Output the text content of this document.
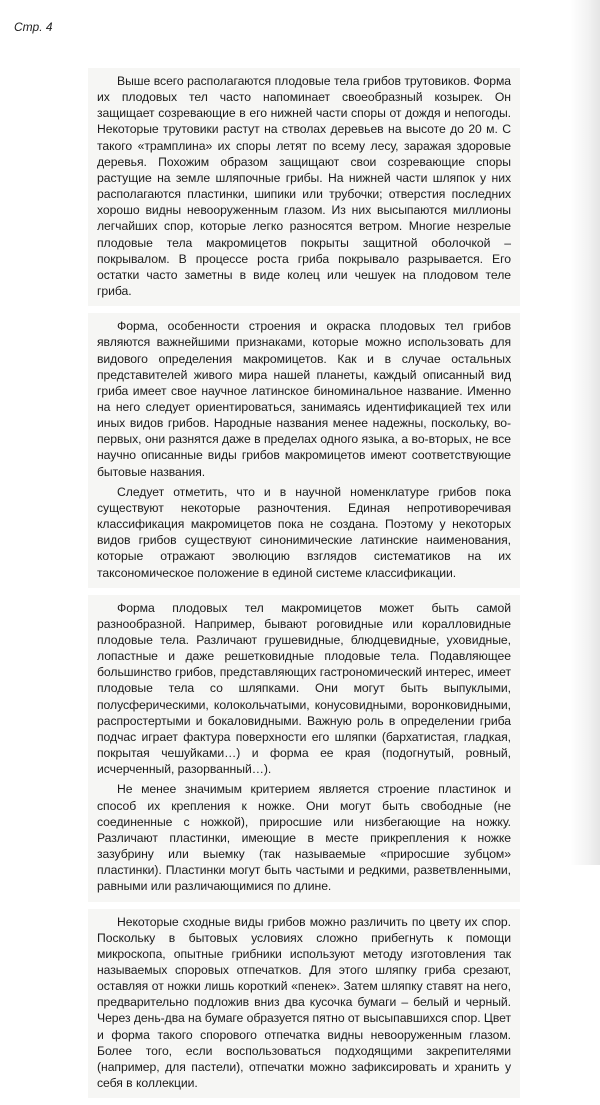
Стр. 4

Выше всего располагаются плодовые тела грибов трутовиков. Форма их плодовых тел часто напоминает своеобразный козырек. Он защищает созревающие в его нижней части споры от дождя и непогоды. Некоторые трутовики растут на стволах деревьев на высоте до 20 м. С такого «трамплина» их споры летят по всему лесу, заражая здоровые деревья. Похожим образом защищают свои созревающие споры растущие на земле шляпочные грибы. На нижней части шляпок у них располагаются пластинки, шипики или трубочки; отверстия последних хорошо видны невооруженным глазом. Из них высыпаются миллионы легчайших спор, которые легко разносятся ветром. Многие незрелые плодовые тела макромицетов покрыты защитной оболочкой – покрывалом. В процессе роста гриба покрывало разрывается. Его остатки часто заметны в виде колец или чешуек на плодовом теле гриба.

Форма, особенности строения и окраска плодовых тел грибов являются важнейшими признаками, которые можно использовать для видового определения макромицетов. Как и в случае остальных представителей живого мира нашей планеты, каждый описанный вид гриба имеет свое научное латинское биноминальное название. Именно на него следует ориентироваться, занимаясь идентификацией тех или иных видов грибов. Народные названия менее надежны, поскольку, во-первых, они разнятся даже в пределах одного языка, а во-вторых, не все научно описанные виды грибов макромицетов имеют соответствующие бытовые названия.

Следует отметить, что и в научной номенклатуре грибов пока существуют некоторые разночтения. Единая непротиворечивая классификация макромицетов пока не создана. Поэтому у некоторых видов грибов существуют синонимические латинские наименования, которые отражают эволюцию взглядов систематиков на их таксономическое положение в единой системе классификации.

Форма плодовых тел макромицетов может быть самой разнообразной. Например, бывают роговидные или коралловидные плодовые тела. Различают грушевидные, блюдцевидные, уховидные, лопастные и даже решетковидные плодовые тела. Подавляющее большинство грибов, представляющих гастрономический интерес, имеет плодовые тела со шляпками. Они могут быть выпуклыми, полусферическими, колокольчатыми, конусовидными, воронковидными, распростертыми и бокаловидными. Важную роль в определении гриба подчас играет фактура поверхности его шляпки (бархатистая, гладкая, покрытая чешуйками…) и форма ее края (подогнутый, ровный, исчерченный, разорванный…).

Не менее значимым критерием является строение пластинок и способ их крепления к ножке. Они могут быть свободные (не соединенные с ножкой), приросшие или низбегающие на ножку. Различают пластинки, имеющие в месте прикрепления к ножке зазубрину или выемку (так называемые «приросшие зубцом» пластинки). Пластинки могут быть частыми и редкими, разветвленными, равными или различающимися по длине.

Некоторые сходные виды грибов можно различить по цвету их спор. Поскольку в бытовых условиях сложно прибегнуть к помощи микроскопа, опытные грибники используют методу изготовления так называемых споровых отпечатков. Для этого шляпку гриба срезают, оставляя от ножки лишь короткий «пенек». Затем шляпку ставят на него, предварительно подложив вниз два кусочка бумаги – белый и черный. Через день-два на бумаге образуется пятно от высыпавшихся спор. Цвет и форма такого спорового отпечатка видны невооруженным глазом. Более того, если воспользоваться подходящими закрепителями (например, для пастели), отпечатки можно зафиксировать и хранить у себя в коллекции.
